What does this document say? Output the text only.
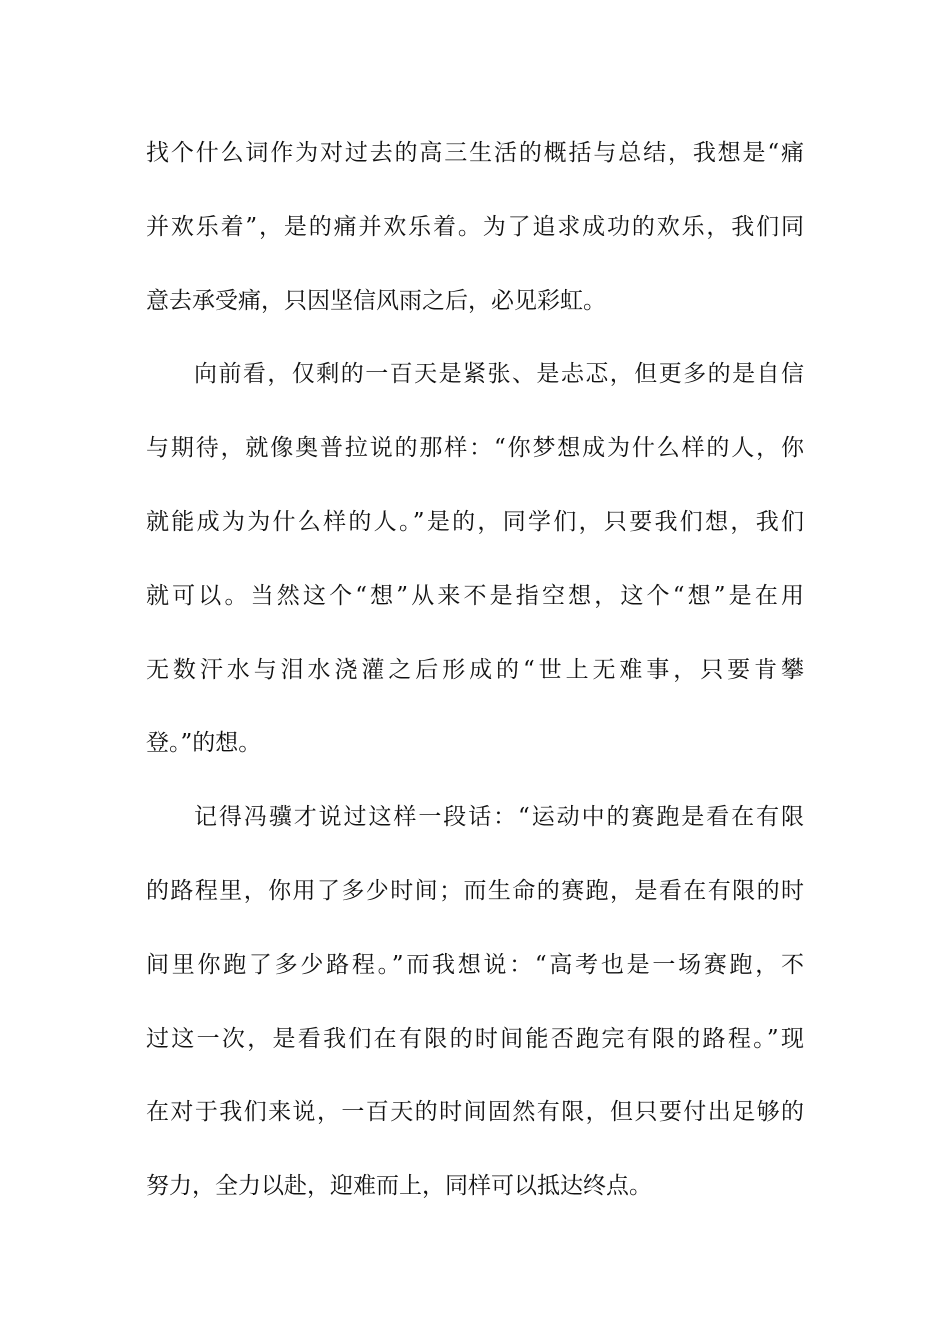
找个什么词作为对过去的高三生活的概括与总结，我想是“痛
并欢乐着”，是的痛并欢乐着。为了追求成功的欢乐，我们同
意去承受痛，只因坚信风雨之后，必见彩虹。
向前看，仅剩的一百天是紧张、是忐忑，但更多的是自信
与期待，就像奥普拉说的那样：“你梦想成为什么样的人，你
就能成为为什么样的人。”是的，同学们，只要我们想，我们
就可以。当然这个“想”从来不是指空想，这个“想”是在用
无数汗水与泪水浇灌之后形成的“世上无难事，只要肯攀
登。”的想。
记得冯骥才说过这样一段话：“运动中的赛跑是看在有限
的路程里，你用了多少时间；而生命的赛跑，是看在有限的时
间里你跑了多少路程。”而我想说：“高考也是一场赛跑，不
过这一次，是看我们在有限的时间能否跑完有限的路程。”现
在对于我们来说，一百天的时间固然有限，但只要付出足够的
努力，全力以赴，迎难而上，同样可以抵达终点。
